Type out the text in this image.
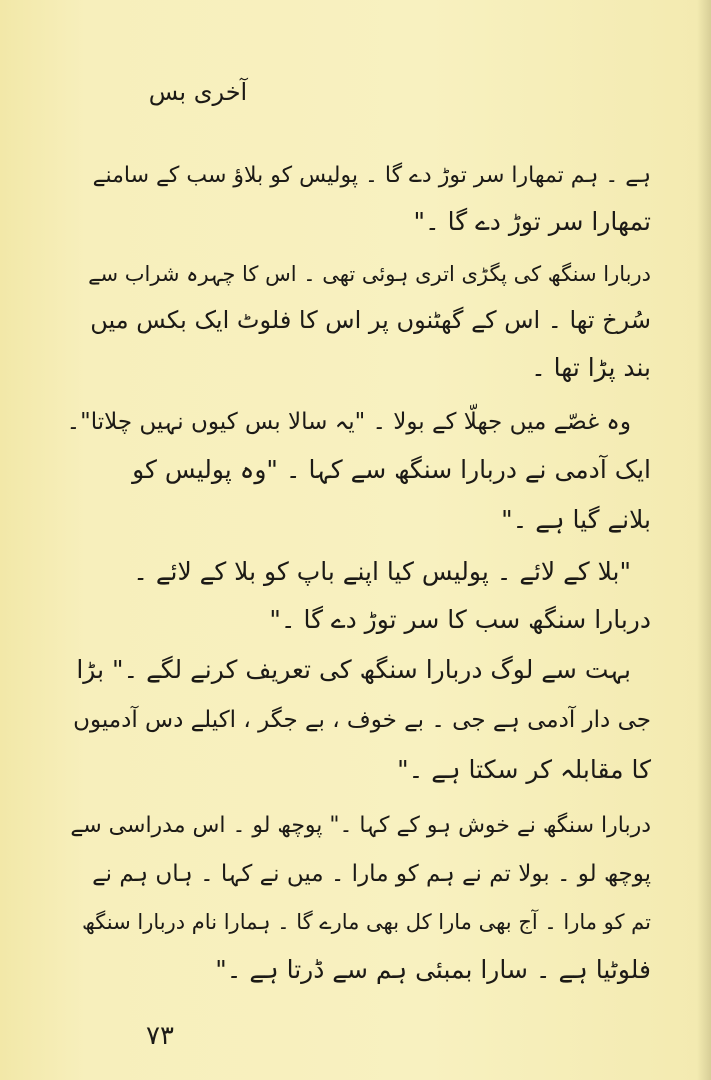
آخری بس
ہے ۔ ہم تمھارا سر توڑ دے گا ۔ پولیس کو بلاؤ سب کے سامنے
تمھارا سر توڑ دے گا ۔"
دربارا سنگھ کی پگڑی اتری ہوئی تھی ۔ اس کا چہرہ شراب سے
سُرخ تھا ۔ اس کے گھٹنوں پر اس کا فلوٹ ایک بکس میں
بند پڑا تھا ۔
وہ غصّے میں جھلّا کے بولا ۔ "یہ سالا بس کیوں نہیں چلاتا"۔
ایک آدمی نے دربارا سنگھ سے کہا ۔ "وہ پولیس کو
بلانے گیا ہے ۔"
"بلا کے لائے ۔ پولیس کیا اپنے باپ کو بلا کے لائے ۔
دربارا سنگھ سب کا سر توڑ دے گا ۔"
بہت سے لوگ دربارا سنگھ کی تعریف کرنے لگے ۔" بڑا
جی دار آدمی ہے جی ۔ بے خوف ، بے جگر ، اکیلے دس آدمیوں
کا مقابلہ کر سکتا ہے ۔"
دربارا سنگھ نے خوش ہو کے کہا ۔" پوچھ لو ۔ اس مدراسی سے
پوچھ لو ۔ بولا تم نے ہم کو مارا ۔ میں نے کہا ۔ ہاں ہم نے
تم کو مارا ۔ آج بھی مارا کل بھی مارے گا ۔ ہمارا نام دربارا سنگھ
فلوٹیا ہے ۔ سارا بمبئی ہم سے ڈرتا ہے ۔"
۷۳
